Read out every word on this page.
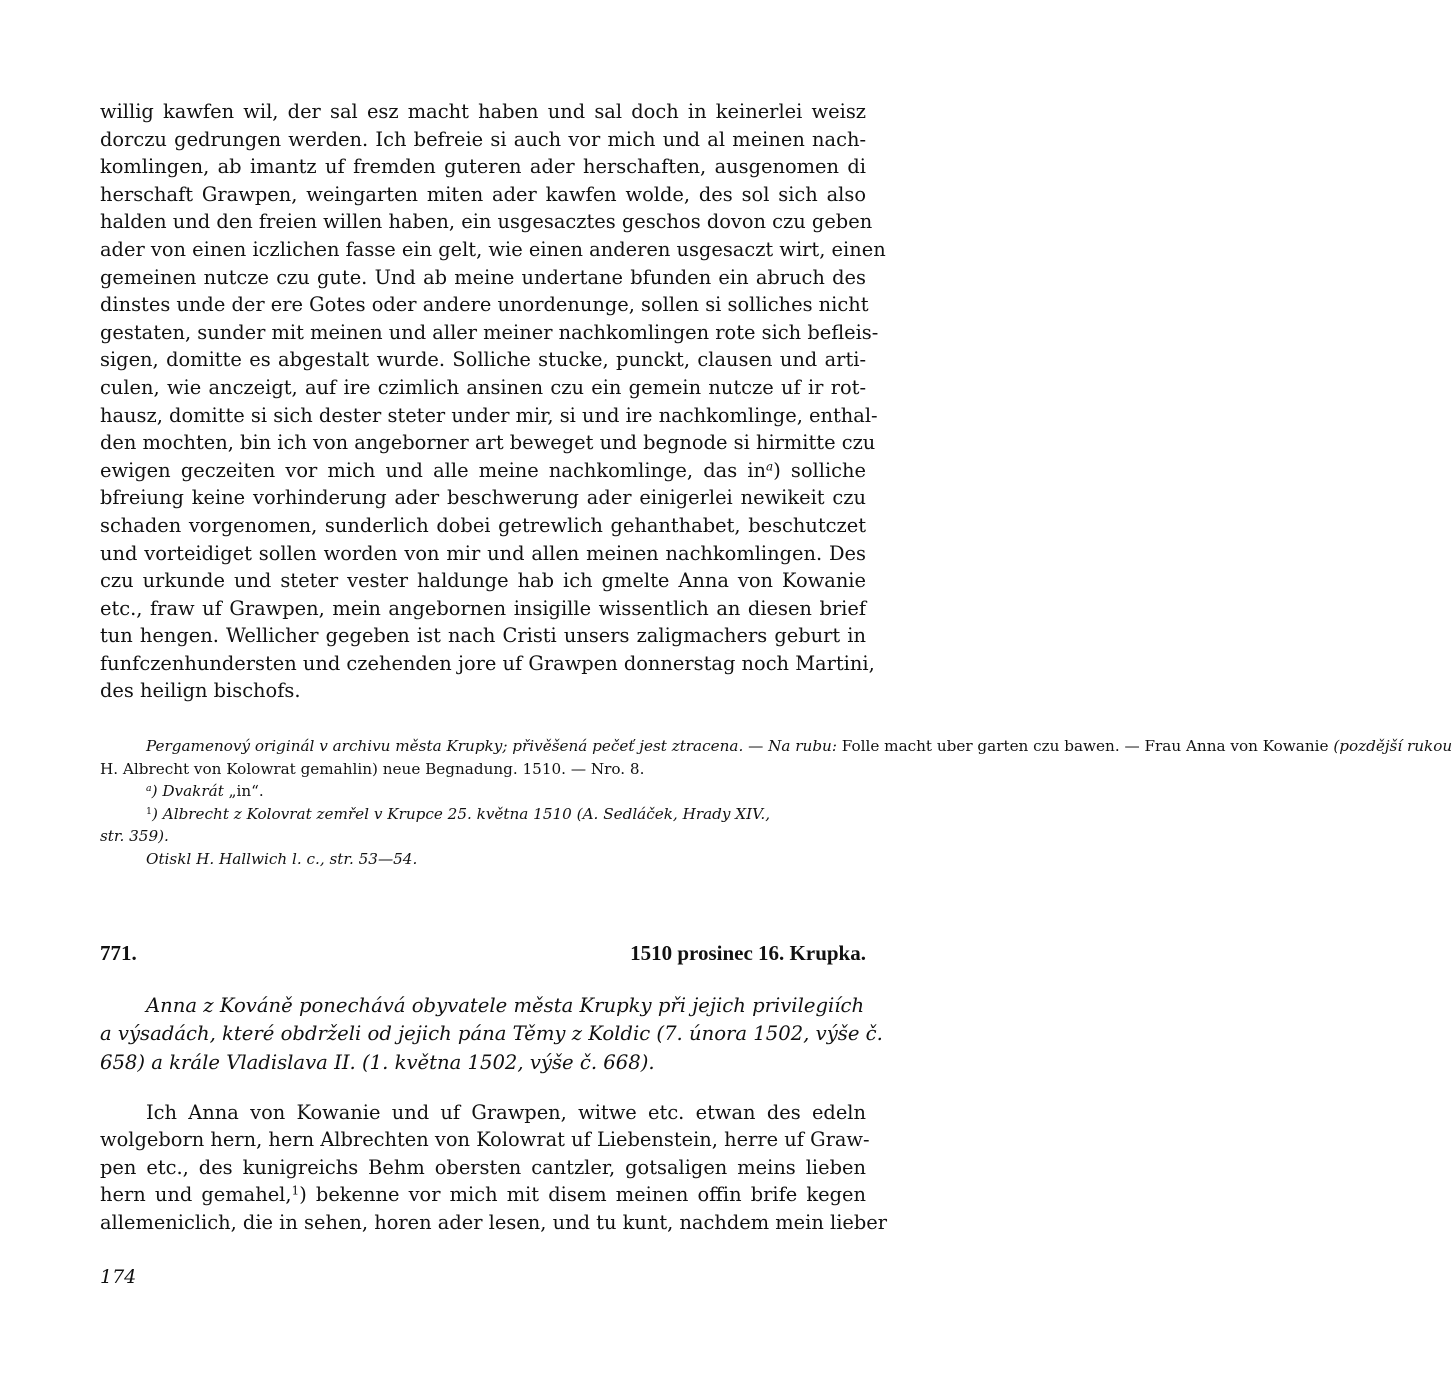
willig kawfen wil, der sal esz macht haben und sal doch in keinerlei weisz
dorczu gedrungen werden. Ich befreie si auch vor mich und al meinen nach-
komlingen, ab imantz uf fremden guteren ader herschaften, ausgenomen di
herschaft Grawpen, weingarten miten ader kawfen wolde, des sol sich also
halden und den freien willen haben, ein usgesacztes geschos dovon czu geben
ader von einen iczlichen fasse ein gelt, wie einen anderen usgesaczt wirt, einen
gemeinen nutcze czu gute. Und ab meine undertane bfunden ein abruch des
dinstes unde der ere Gotes oder andere unordenunge, sollen si solliches nicht
gestaten, sunder mit meinen und aller meiner nachkomlingen rote sich befleis-
sigen, domitte es abgestalt wurde. Solliche stucke, punckt, clausen und arti-
culen, wie anczeigt, auf ire czimlich ansinen czu ein gemein nutcze uf ir rot-
hausz, domitte si sich dester steter under mir, si und ire nachkomlinge, enthal-
den mochten, bin ich von angeborner art beweget und begnode si hirmitte czu
ewigen geczeiten vor mich und alle meine nachkomlinge, das $in^a$) solliche
bfreiung keine vorhinderung ader beschwerung ader einigerlei newikeit czu
schaden vorgenomen, sunderlich dobei getrewlich gehanthabet, beschutczet
und vorteidiget sollen worden von mir und allen meinen nachkomlingen. Des
czu urkunde und steter vester haldunge hab ich gmelte Anna von Kowanie
etc., fraw uf Grawpen, mein angebornen insigille wissentlich an diesen brief
tun hengen. Wellicher gegeben ist nach Cristi unsers zaligmachers geburt in
funfczenhundersten und czehenden jore uf Grawpen donnerstag noch Martini,
des heilign bischofs.

Pergamenový originál v archivu města Krupky; přivěšená pečeť jest ztracena. — Na rubu: Folle macht uber garten czu bawen. — Frau Anna von Kowanie (pozdější rukou

H. Albrecht von Kolowrat gemahlin) neue Begnadung. 1510. — Nro. 8.

$^a$) Dvakrát „in“.

$^1$) Albrecht z Kolovrat zemřel v Krupce 25. května 1510 (A. Sedláček, Hrady XIV.,

str. 359).

Otiskl H. Hallwich l. c., str. 53—54.

771.	1510 prosinec 16. Krupka.
Anna z Kováně ponechává obyvatele města Krupky při jejich privilegiích
a výsadách, které obdrželi od jejich pána Těmy z Koldic (7. února 1502, výše č.
658) a krále Vladislava II. (1. května 1502, výše č. 668).
Ich Anna von Kowanie und uf Grawpen, witwe etc. etwan des edeln
wolgeborn hern, hern Albrechten von Kolowrat uf Liebenstein, herre uf Graw-
pen etc., des kunigreichs Behm obersten cantzler, gotsaligen meins lieben
hern und gemahel,$^1$) bekenne vor mich mit disem meinen offin brife kegen
allemeniclich, die in sehen, horen ader lesen, und tu kunt, nachdem mein lieber
174
